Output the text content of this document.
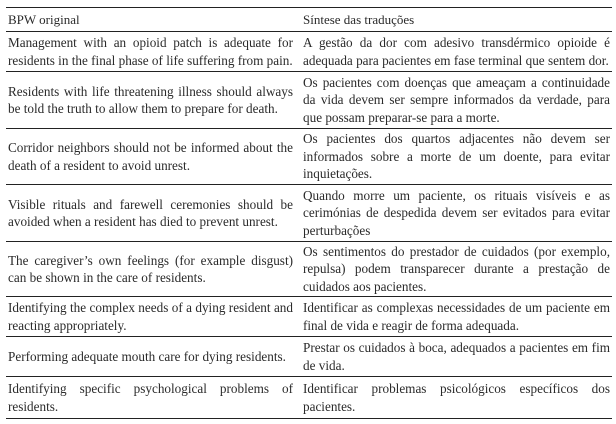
BPW original	Síntese das traduções
Management with an opioid patch is adequate for residents in the final phase of life suffering from pain.
A gestão da dor com adesivo transdérmico opioide é adequada para pacientes em fase terminal que sentem dor.
Residents with life threatening illness should always be told the truth to allow them to prepare for death.
Os pacientes com doenças que ameaçam a continuidade da vida devem ser sempre informados da verdade, para que possam preparar-se para a morte.
Corridor neighbors should not be informed about the death of a resident to avoid unrest.
Os pacientes dos quartos adjacentes não devem ser informados sobre a morte de um doente, para evitar inquietações.
Visible rituals and farewell ceremonies should be avoided when a resident has died to prevent unrest.
Quando morre um paciente, os rituais visíveis e as cerimónias de despedida devem ser evitados para evitar perturbações
The caregiver’s own feelings (for example disgust) can be shown in the care of residents.
Os sentimentos do prestador de cuidados (por exemplo, repulsa) podem transparecer durante a prestação de cuidados aos pacientes.
Identifying the complex needs of a dying resident and reacting appropriately.
Identificar as complexas necessidades de um paciente em final de vida e reagir de forma adequada.
Performing adequate mouth care for dying residents.
Prestar os cuidados à boca, adequados a pacientes em fim de vida.
Identifying specific psychological problems of residents.
Identificar problemas psicológicos específicos dos pacientes.
